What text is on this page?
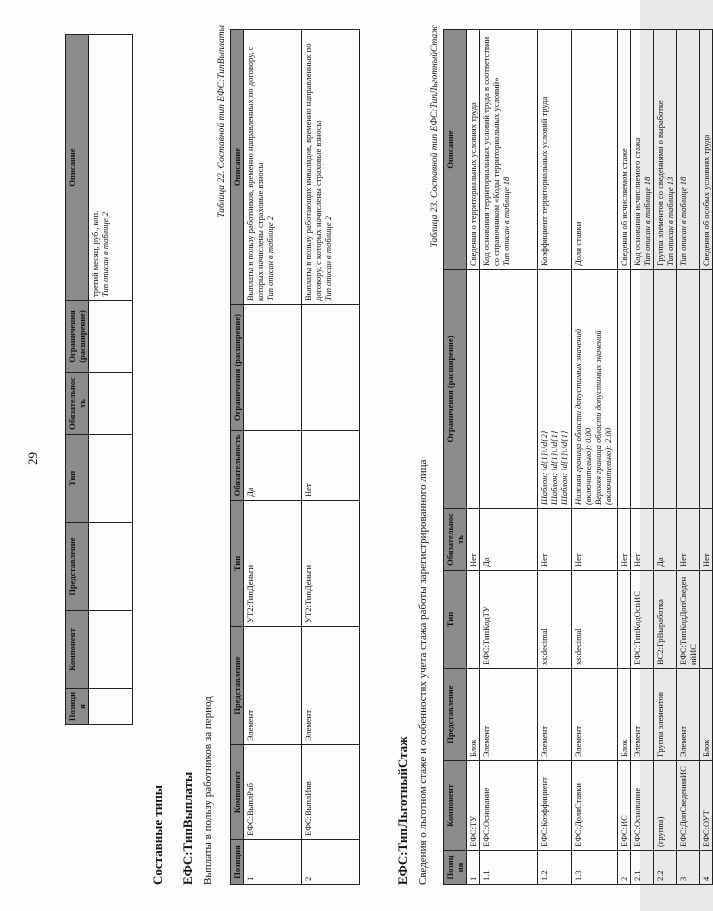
29
Позиция	Компонент	Представление	Тип	Обязательность	Ограничения (расширение)	Описание

						третий месяц, руб., коп. Тип описан в таблице 2
Составные типы ЕФС:ТипВыплаты Выплаты в пользу работников за период
Таблица 22. Составной тип ЕФС:ТипВыплаты
Позиция	Компонент	Представление	Тип	Обязательность	Ограничения (расширение)	Описание
1	ЕФС:ВыплРаб	Элемент	УТ2:ТипДеньги	Да		Выплаты в пользу работников, временно направленных по договору, с которых начислены страховые взносы Тип описан в таблице 2

2	ЕФС:ВыплИнв	Элемент	УТ2:ТипДеньги	Нет		Выплаты в пользу работающих инвалидов, временно направленных по договору, с которых начислены страховые взносы Тип описан в таблице 2
ЕФС:ТипЛьготныйСтаж Сведения о льготном стаже и особенностях учета стажа работы зарегистрированного лица
Таблица 23. Составной тип ЕФС:ТипЛьготныйСтаж
Позиция	Компонент	Представление	Тип	Обязательность	Ограничения (расширение)	Описание
1	ЕФС:ТУ	Блок		Нет		Сведения о территориальных условиях труда

1.1	ЕФС:Основание	Элемент	ЕФС:ТипКодТУ	Да		Код основания территориальных условий труда в соответствии со справочником «Коды территориальных условий» Тип описан в таблице 18

1.2	ЕФС:Коэффициент	Элемент	xs:decimal	Нет	Шаблон: \d{1}\.\d{2} Шаблон: \d{1}\.\d{1} Шаблон: \d{1}\.\d{1}	Коэффициент территориальных условий труда

1.3	ЕФС:ДоляСтавки	Элемент	xs:decimal	Нет	Нижняя граница области допустимых значений (включительно): 0.00 Верхняя граница области допустимых значений (включительно): 2.00	Доля ставки

2	ЕФС:ИС	Блок		Нет		Сведения об исчисляемом стаже

2.1	ЕФС:Основание	Элемент	ЕФС:ТипКодОснИС	Нет		Код основания исчисляемого стажа Тип описан в таблице 18

2.2	(группа)	Группа элементов	ВС2:ГрВыработка	Да		Группа элементов со сведениями о выработке Тип описан в таблице 13

3	ЕФС:ДопСведенияИС	Элемент	ЕФС:ТипКодДопСведенийИС	Нет		Тип описан в таблице 18

4	ЕФС:ОУТ	Блок		Нет		Сведения об особых условиях труда
